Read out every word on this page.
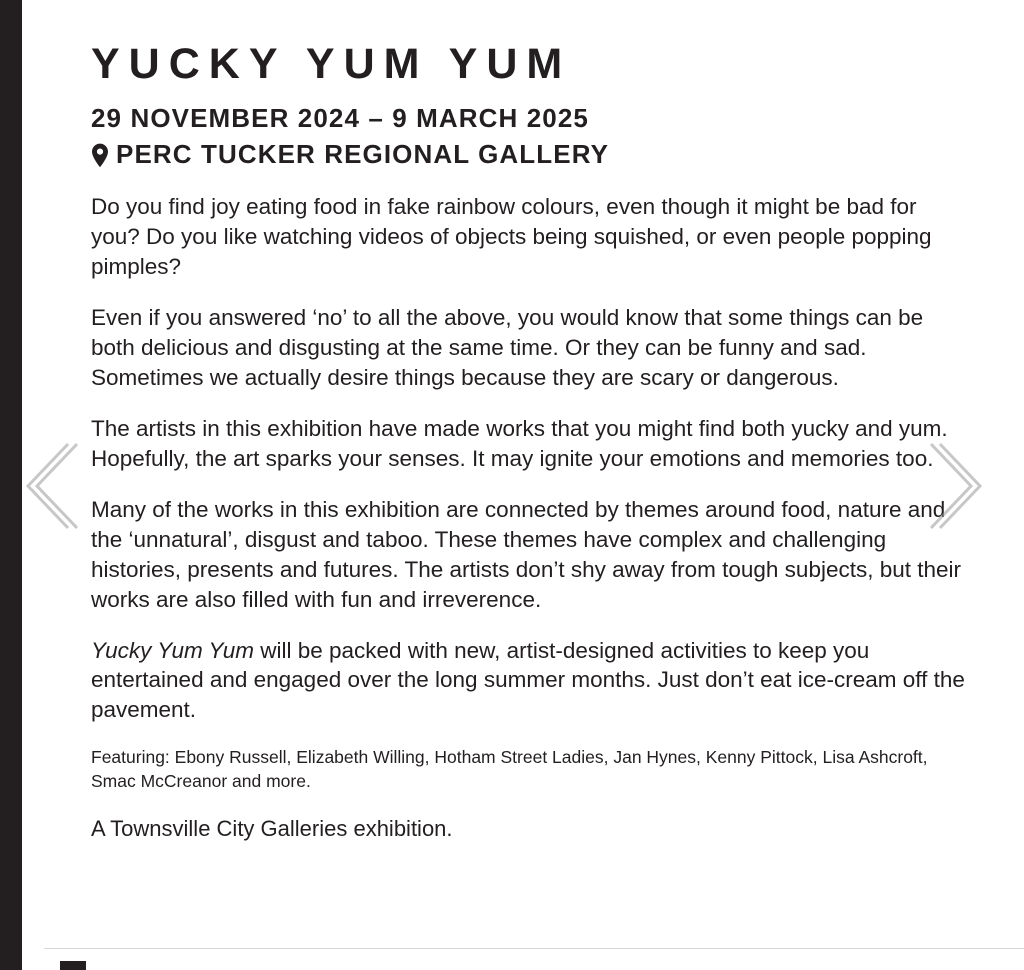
YUCKY YUM YUM
29 NOVEMBER 2024 – 9 MARCH 2025
PERC TUCKER REGIONAL GALLERY

Do you find joy eating food in fake rainbow colours, even though it might be bad for you? Do you like watching videos of objects being squished, or even people popping pimples?

Even if you answered ‘no’ to all the above, you would know that some things can be both delicious and disgusting at the same time. Or they can be funny and sad. Sometimes we actually desire things because they are scary or dangerous.

The artists in this exhibition have made works that you might find both yucky and yum. Hopefully, the art sparks your senses. It may ignite your emotions and memories too.

Many of the works in this exhibition are connected by themes around food, nature and the ‘unnatural’, disgust and taboo. These themes have complex and challenging histories, presents and futures. The artists don’t shy away from tough subjects, but their works are also filled with fun and irreverence.

Yucky Yum Yum will be packed with new, artist-designed activities to keep you entertained and engaged over the long summer months. Just don’t eat ice-cream off the pavement.

Featuring: Ebony Russell, Elizabeth Willing, Hotham Street Ladies, Jan Hynes, Kenny Pittock, Lisa Ashcroft, Smac McCreanor and more.

A Townsville City Galleries exhibition.
